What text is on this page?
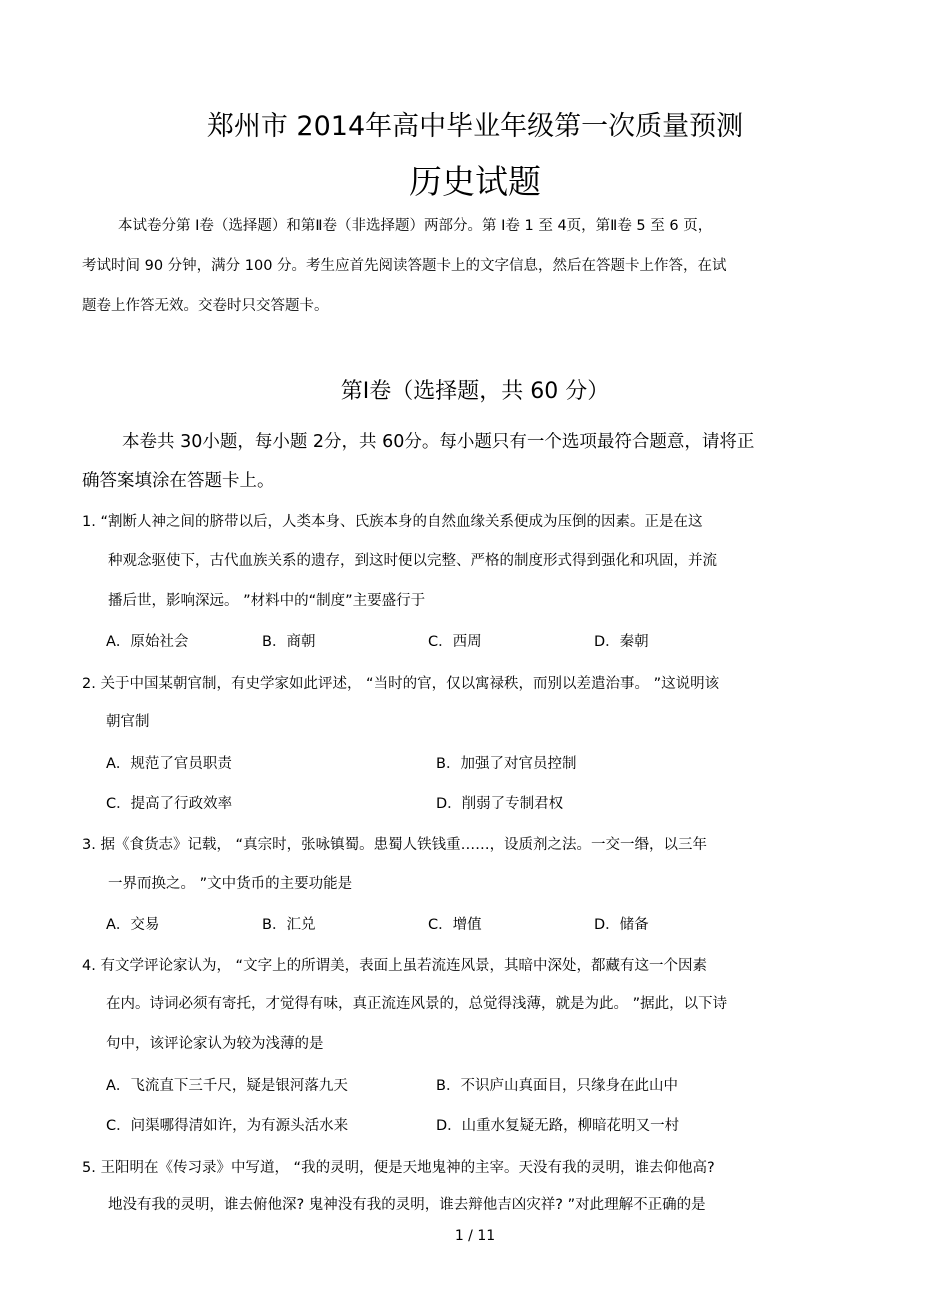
郑州市 2014年高中毕业年级第一次质量预测
历史试题
本试卷分第 Ⅰ卷（选择题）和第Ⅱ卷（非选择题）两部分。第 Ⅰ卷 1 至 4页，第Ⅱ卷 5 至 6 页，
考试时间 90 分钟，满分 100 分。考生应首先阅读答题卡上的文字信息，然后在答题卡上作答，在试
题卷上作答无效。交卷时只交答题卡。
第Ⅰ卷（选择题，共 60 分）
本卷共 30小题，每小题 2分，共 60分。每小题只有一个选项最符合题意，请将正
确答案填涂在答题卡上。
1. “割断人神之间的脐带以后，人类本身、氏族本身的自然血缘关系便成为压倒的因素。正是在这
种观念驱使下，古代血族关系的遗存，到这时便以完整、严格的制度形式得到强化和巩固，并流
播后世，影响深远。 ”材料中的“制度”主要盛行于
A．原始社会	B．商朝	C．西周	D．秦朝
2. 关于中国某朝官制，有史学家如此评述， “当时的官，仅以寓禄秩，而别以差遣治事。 ”这说明该
朝官制
A．规范了官员职责	B．加强了对官员控制
C．提高了行政效率	D．削弱了专制君权
3. 据《食货志》记载， “真宗时，张咏镇蜀。患蜀人铁钱重……，设质剂之法。一交一缗，以三年
一界而换之。 ”文中货币的主要功能是
A．交易	B．汇兑	C．增值	D．储备
4. 有文学评论家认为， “文字上的所谓美，表面上虽若流连风景，其暗中深处，都藏有这一个因素
在内。诗词必须有寄托，才觉得有味，真正流连风景的，总觉得浅薄，就是为此。 ”据此，以下诗
句中，该评论家认为较为浅薄的是
A．飞流直下三千尺，疑是银河落九天	B．不识庐山真面目，只缘身在此山中
C．问渠哪得清如许，为有源头活水来	D．山重水复疑无路，柳暗花明又一村
5. 王阳明在《传习录》中写道， “我的灵明，便是天地鬼神的主宰。天没有我的灵明，谁去仰他高?
地没有我的灵明，谁去俯他深? 鬼神没有我的灵明，谁去辩他吉凶灾祥? ”对此理解不正确的是
1 / 11
